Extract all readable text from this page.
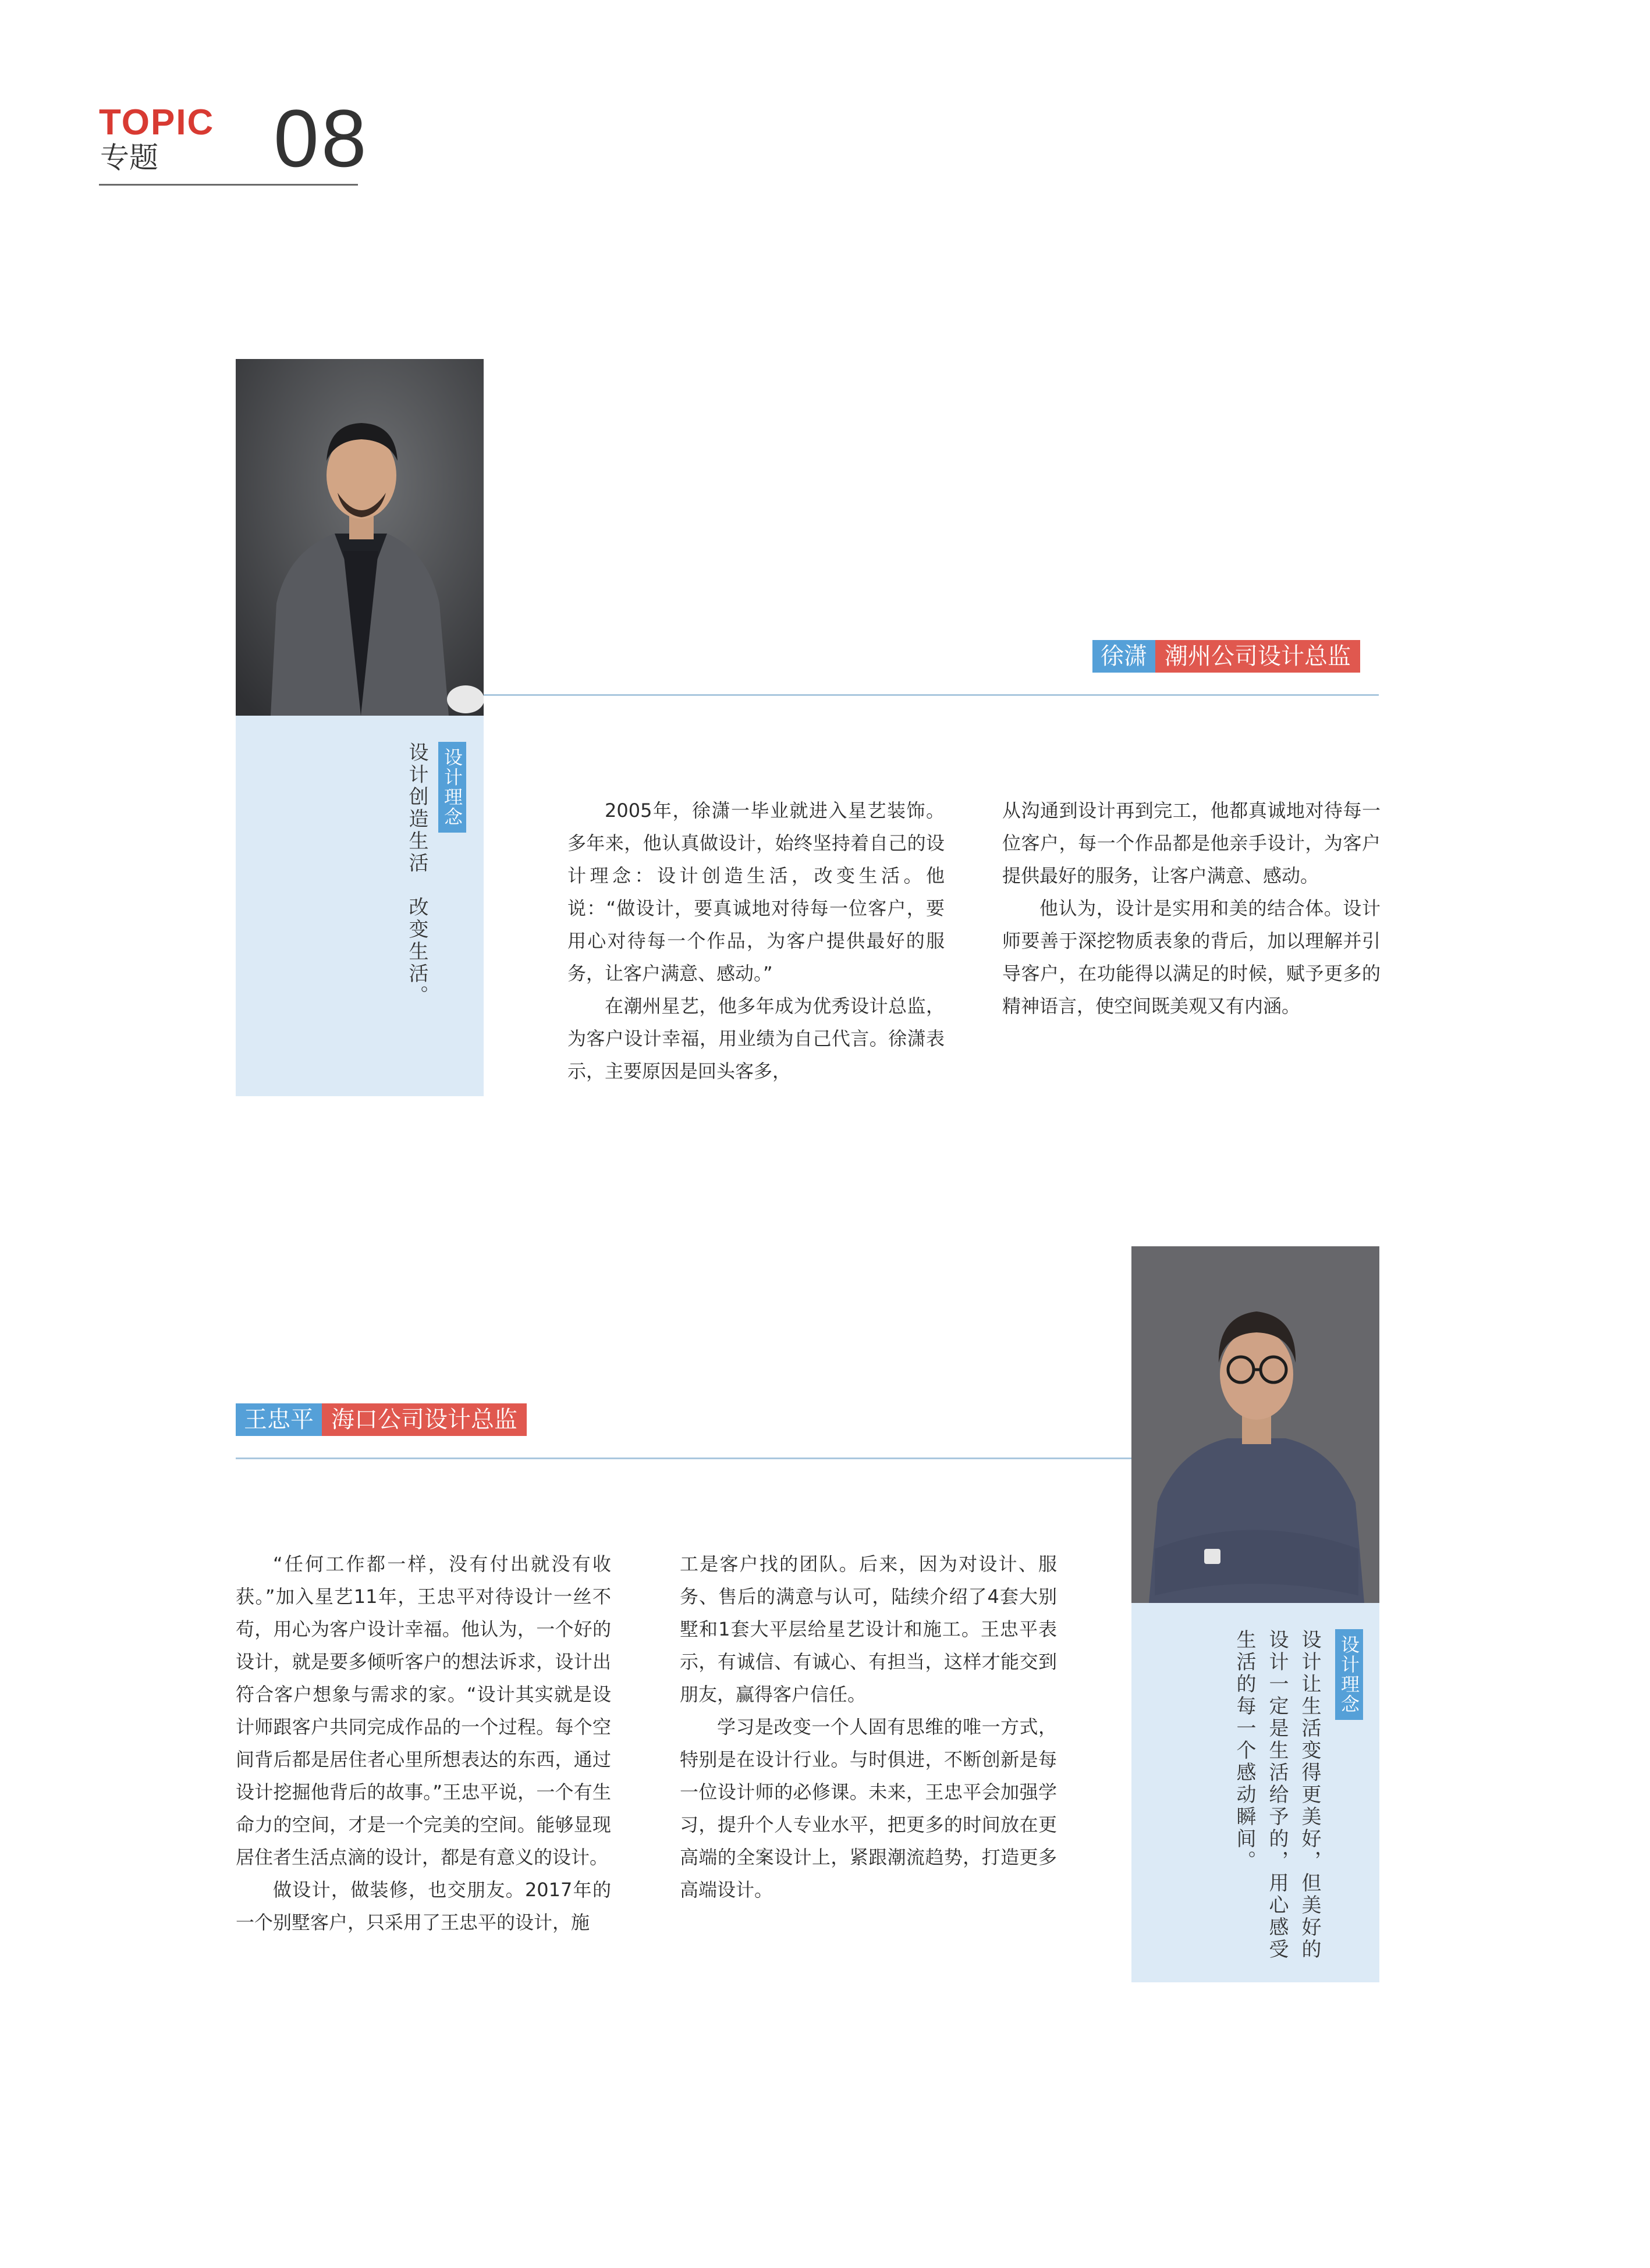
TOPIC
专题 08
设计理念
设计创造生活　改变生活。
徐潇 潮州公司设计总监

2005年，徐潇一毕业就进入星艺装饰。多年来，他认真做设计，始终坚持着自己的设计理念：设计创造生活，改变生活。他说：“做设计，要真诚地对待每一位客户，要用心对待每一个作品，为客户提供最好的服务，让客户满意、感动。”

在潮州星艺，他多年成为优秀设计总监，为客户设计幸福，用业绩为自己代言。徐潇表示，主要原因是回头客多，

从沟通到设计再到完工，他都真诚地对待每一位客户，每一个作品都是他亲手设计，为客户提供最好的服务，让客户满意、感动。

他认为，设计是实用和美的结合体。设计师要善于深挖物质表象的背后，加以理解并引导客户，在功能得以满足的时候，赋予更多的精神语言，使空间既美观又有内涵。

设计理念
设计让生活变得更美好，但美好的设计一定是生活给予的，用心感受生活的每一个感动瞬间。
王忠平 海口公司设计总监

“任何工作都一样，没有付出就没有收获。”加入星艺11年，王忠平对待设计一丝不苟，用心为客户设计幸福。他认为，一个好的设计，就是要多倾听客户的想法诉求，设计出符合客户想象与需求的家。“设计其实就是设计师跟客户共同完成作品的一个过程。每个空间背后都是居住者心里所想表达的东西，通过设计挖掘他背后的故事。”王忠平说，一个有生命力的空间，才是一个完美的空间。能够显现居住者生活点滴的设计，都是有意义的设计。

做设计，做装修，也交朋友。2017年的一个别墅客户，只采用了王忠平的设计，施

工是客户找的团队。后来，因为对设计、服务、售后的满意与认可，陆续介绍了4套大别墅和1套大平层给星艺设计和施工。王忠平表示，有诚信、有诚心、有担当，这样才能交到朋友，赢得客户信任。

学习是改变一个人固有思维的唯一方式，特别是在设计行业。与时俱进，不断创新是每一位设计师的必修课。未来，王忠平会加强学习，提升个人专业水平，把更多的时间放在更高端的全案设计上，紧跟潮流趋势，打造更多高端设计。
